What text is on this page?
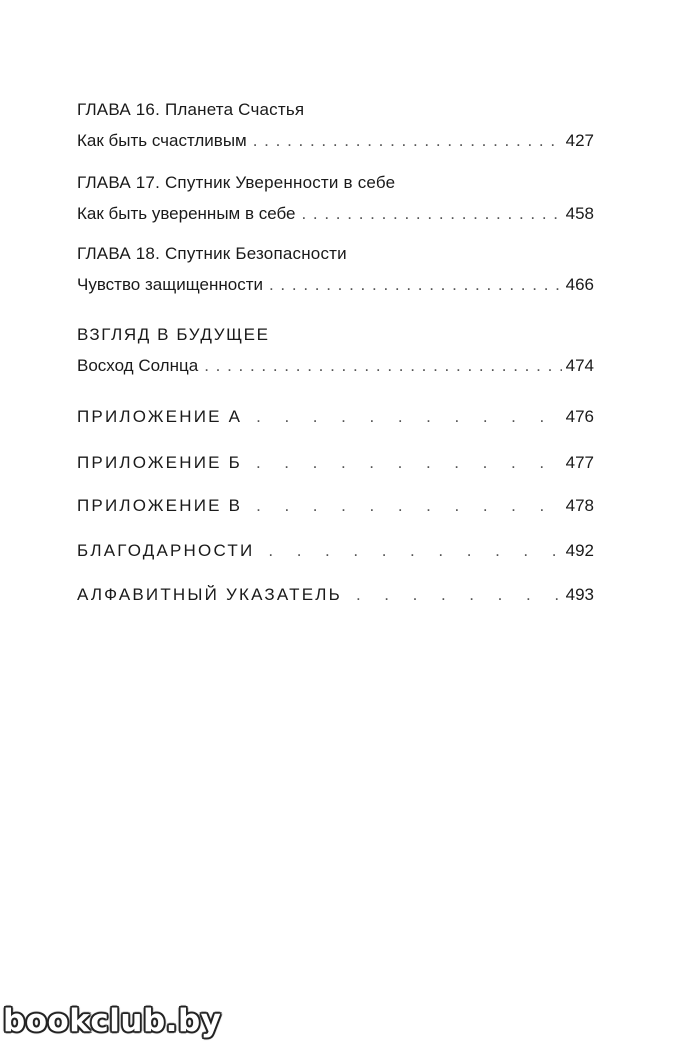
ГЛАВА 16. Планета Счастья
Как быть счастливым . . .	427
ГЛАВА 17. Спутник Уверенности в себе
Как быть уверенным в себе . . .	458
ГЛАВА 18. Спутник Безопасности
Чувство защищенности . . .	466
ВЗГЛЯД В БУДУЩЕЕ
Восход Солнца . . .	474
ПРИЛОЖЕНИЕ А .	476
ПРИЛОЖЕНИЕ Б .	477
ПРИЛОЖЕНИЕ В .	478
БЛАГОДАРНОСТИ .	492
АЛФАВИТНЫЙ УКАЗАТЕЛЬ .	493
bookclub.by
